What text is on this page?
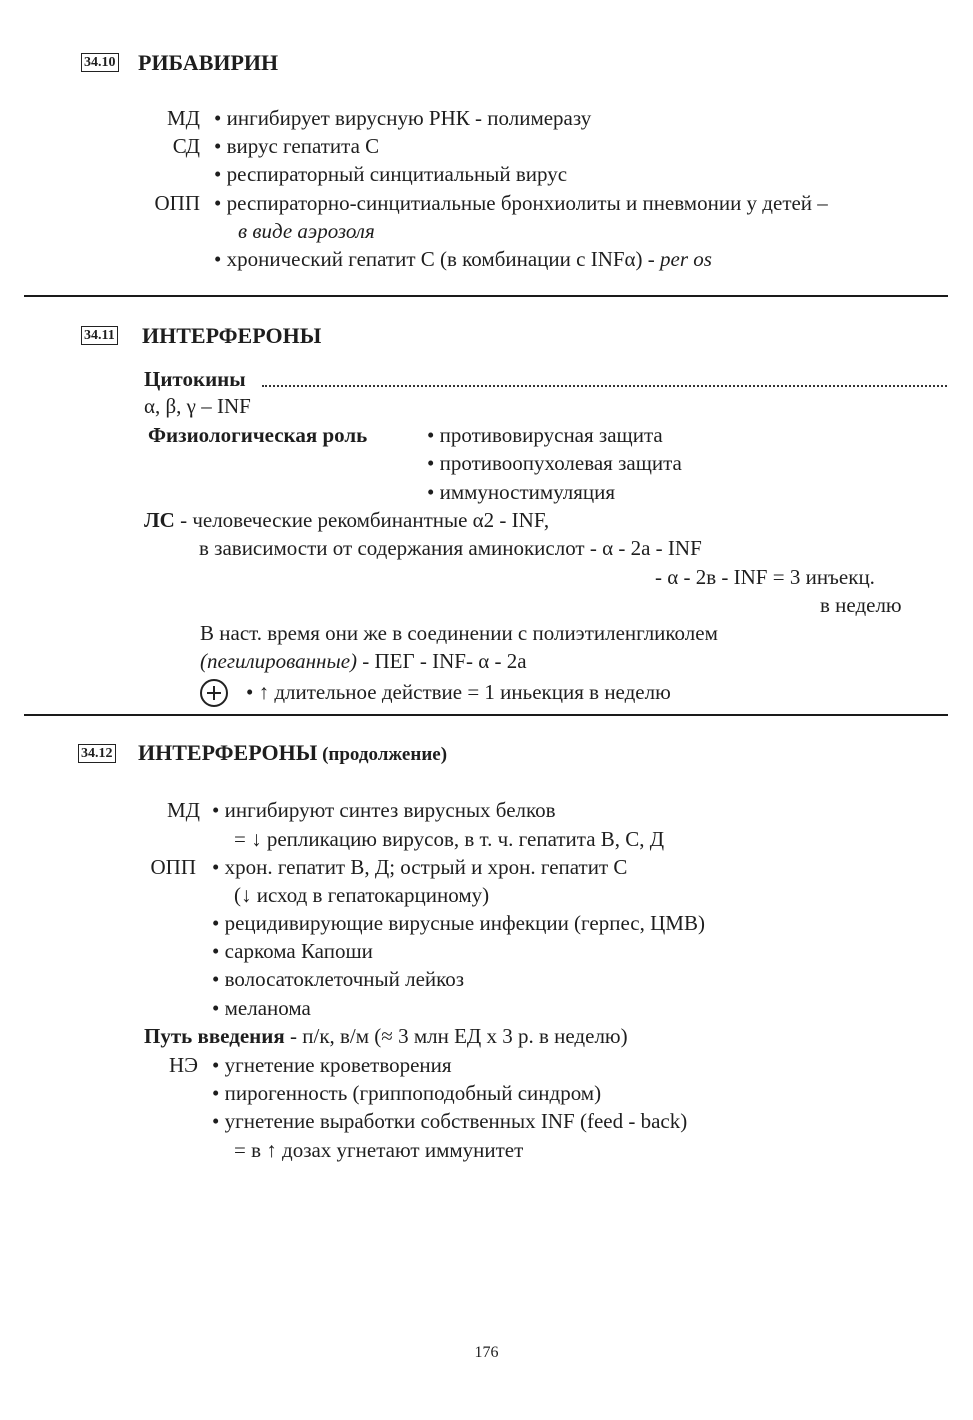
34.10 РИБАВИРИН
МД • ингибирует вирусную РНК - полимеразу
СД • вирус гепатита С
• респираторный синцитиальный вирус
ОПП • респираторно-синцитиальные бронхиолиты и пневмонии у детей –
в виде аэрозоля
• хронический гепатит С (в комбинации с INFα) - per os
34.11 ИНТЕРФЕРОНЫ
Цитокины
α, β, γ – INF
Физиологическая роль	• противовирусная защита
• противоопухолевая защита
• иммуностимуляция
ЛС - человеческие рекомбинантные α2 - INF,
в зависимости от содержания аминокислот - α - 2а - INF
- α - 2в - INF = 3 инъекц.
в неделю
В наст. время они же в соединении с полиэтиленгликолем
(пегилированные) - ПЕГ - INF- α - 2а
• ↑ длительное действие = 1 иньекция в неделю
34.12 ИНТЕРФЕРОНЫ (продолжение)
МД • ингибируют синтез вирусных белков
= ↓ репликацию вирусов, в т. ч. гепатита В, С, Д
ОПП • хрон. гепатит В, Д; острый и хрон. гепатит С
(↓ исход в гепатокарциному)
• рецидивирующие вирусные инфекции (герпес, ЦМВ)
• саркома Капоши
• волосатоклеточный лейкоз
• меланома
Путь введения - п/к, в/м (≈ 3 млн ЕД х 3 р. в неделю)
НЭ • угнетение кроветворения
• пирогенность (гриппоподобный синдром)
• угнетение выработки собственных INF (feed - back)
= в ↑ дозах угнетают иммунитет
176
